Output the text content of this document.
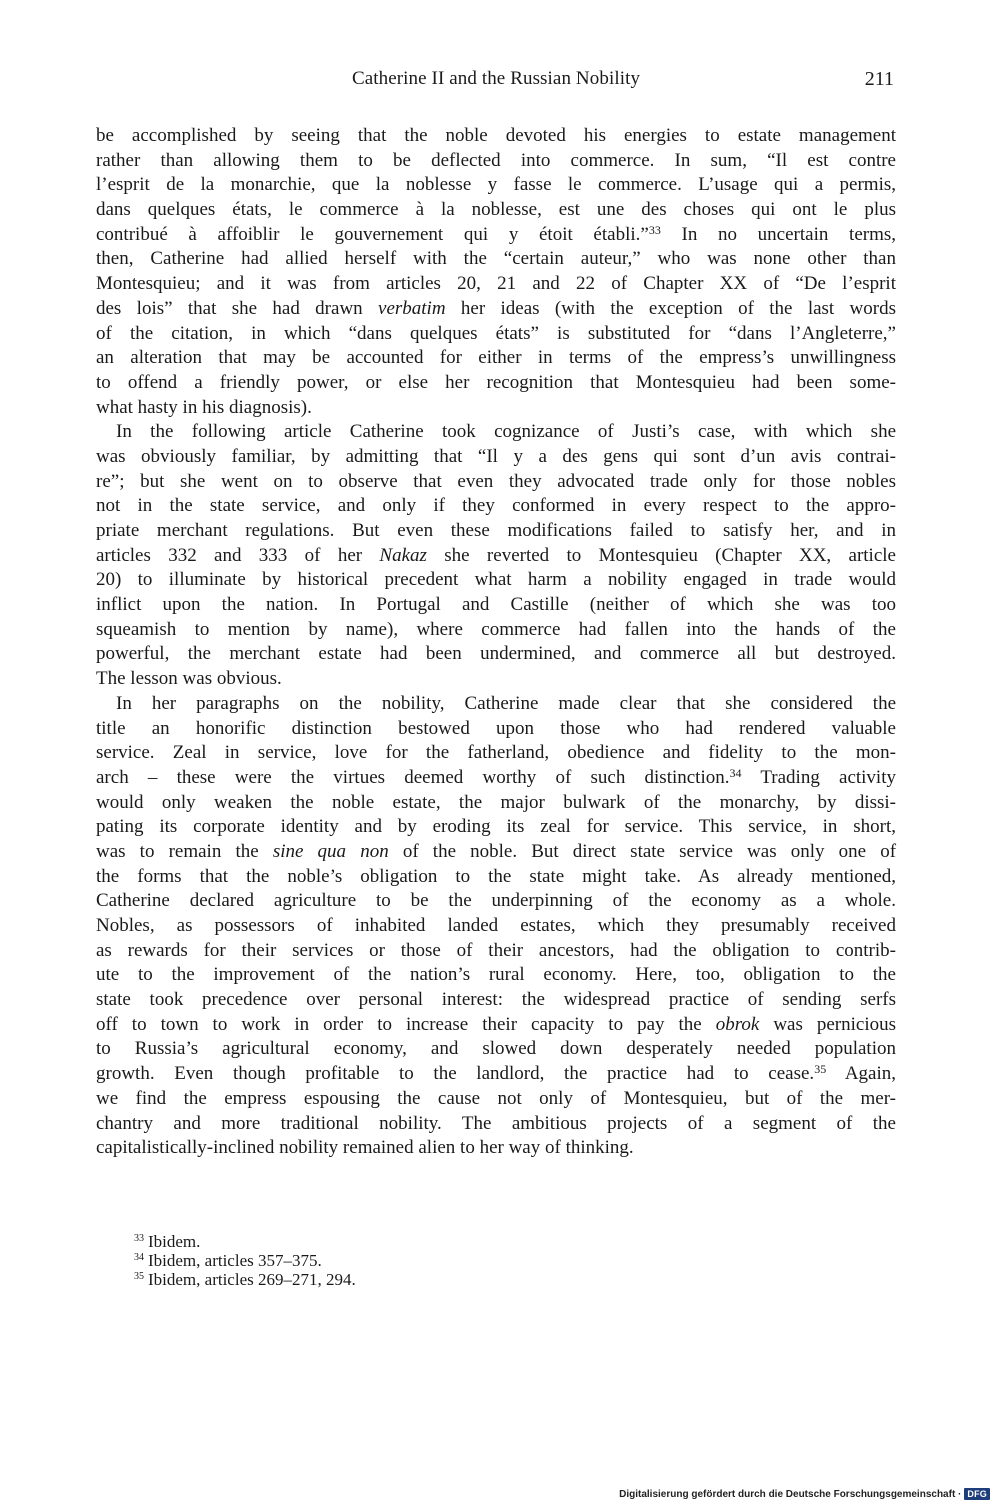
Catherine II and the Russian Nobility	211
be accomplished by seeing that the noble devoted his energies to estate management
rather than allowing them to be deflected into commerce. In sum, “Il est contre
l’esprit de la monarchie, que la noblesse y fasse le commerce. L’usage qui a permis,
dans quelques états, le commerce à la noblesse, est une des choses qui ont le plus
contribué à affoiblir le gouvernement qui y étoit établi.”$^{33}$ In no uncertain terms,
then, Catherine had allied herself with the “certain auteur,” who was none other than
Montesquieu; and it was from articles 20, 21 and 22 of Chapter XX of “De l’esprit
des lois” that she had drawn verbatim her ideas (with the exception of the last words
of the citation, in which “dans quelques états” is substituted for “dans l’Angleterre,”
an alteration that may be accounted for either in terms of the empress’s unwillingness
to offend a friendly power, or else her recognition that Montesquieu had been some-
what hasty in his diagnosis).
In the following article Catherine took cognizance of Justi’s case, with which she
was obviously familiar, by admitting that “Il y a des gens qui sont d’un avis contrai-
re”; but she went on to observe that even they advocated trade only for those nobles
not in the state service, and only if they conformed in every respect to the appro-
priate merchant regulations. But even these modifications failed to satisfy her, and in
articles 332 and 333 of her Nakaz she reverted to Montesquieu (Chapter XX, article
20) to illuminate by historical precedent what harm a nobility engaged in trade would
inflict upon the nation. In Portugal and Castille (neither of which she was too
squeamish to mention by name), where commerce had fallen into the hands of the
powerful, the merchant estate had been undermined, and commerce all but destroyed.
The lesson was obvious.
In her paragraphs on the nobility, Catherine made clear that she considered the
title an honorific distinction bestowed upon those who had rendered valuable
service. Zeal in service, love for the fatherland, obedience and fidelity to the mon-
arch – these were the virtues deemed worthy of such distinction.$^{34}$ Trading activity
would only weaken the noble estate, the major bulwark of the monarchy, by dissi-
pating its corporate identity and by eroding its zeal for service. This service, in short,
was to remain the sine qua non of the noble. But direct state service was only one of
the forms that the noble’s obligation to the state might take. As already mentioned,
Catherine declared agriculture to be the underpinning of the economy as a whole.
Nobles, as possessors of inhabited landed estates, which they presumably received
as rewards for their services or those of their ancestors, had the obligation to contrib-
ute to the improvement of the nation’s rural economy. Here, too, obligation to the
state took precedence over personal interest: the widespread practice of sending serfs
off to town to work in order to increase their capacity to pay the obrok was pernicious
to Russia’s agricultural economy, and slowed down desperately needed population
growth. Even though profitable to the landlord, the practice had to cease.$^{35}$ Again,
we find the empress espousing the cause not only of Montesquieu, but of the mer-
chantry and more traditional nobility. The ambitious projects of a segment of the
capitalistically-inclined nobility remained alien to her way of thinking.
$^{33}$ Ibidem.
$^{34}$ Ibidem, articles 357–375.
$^{35}$ Ibidem, articles 269–271, 294.
Digitalisierung gefördert durch die Deutsche Forschungsgemeinschaft · DFG
